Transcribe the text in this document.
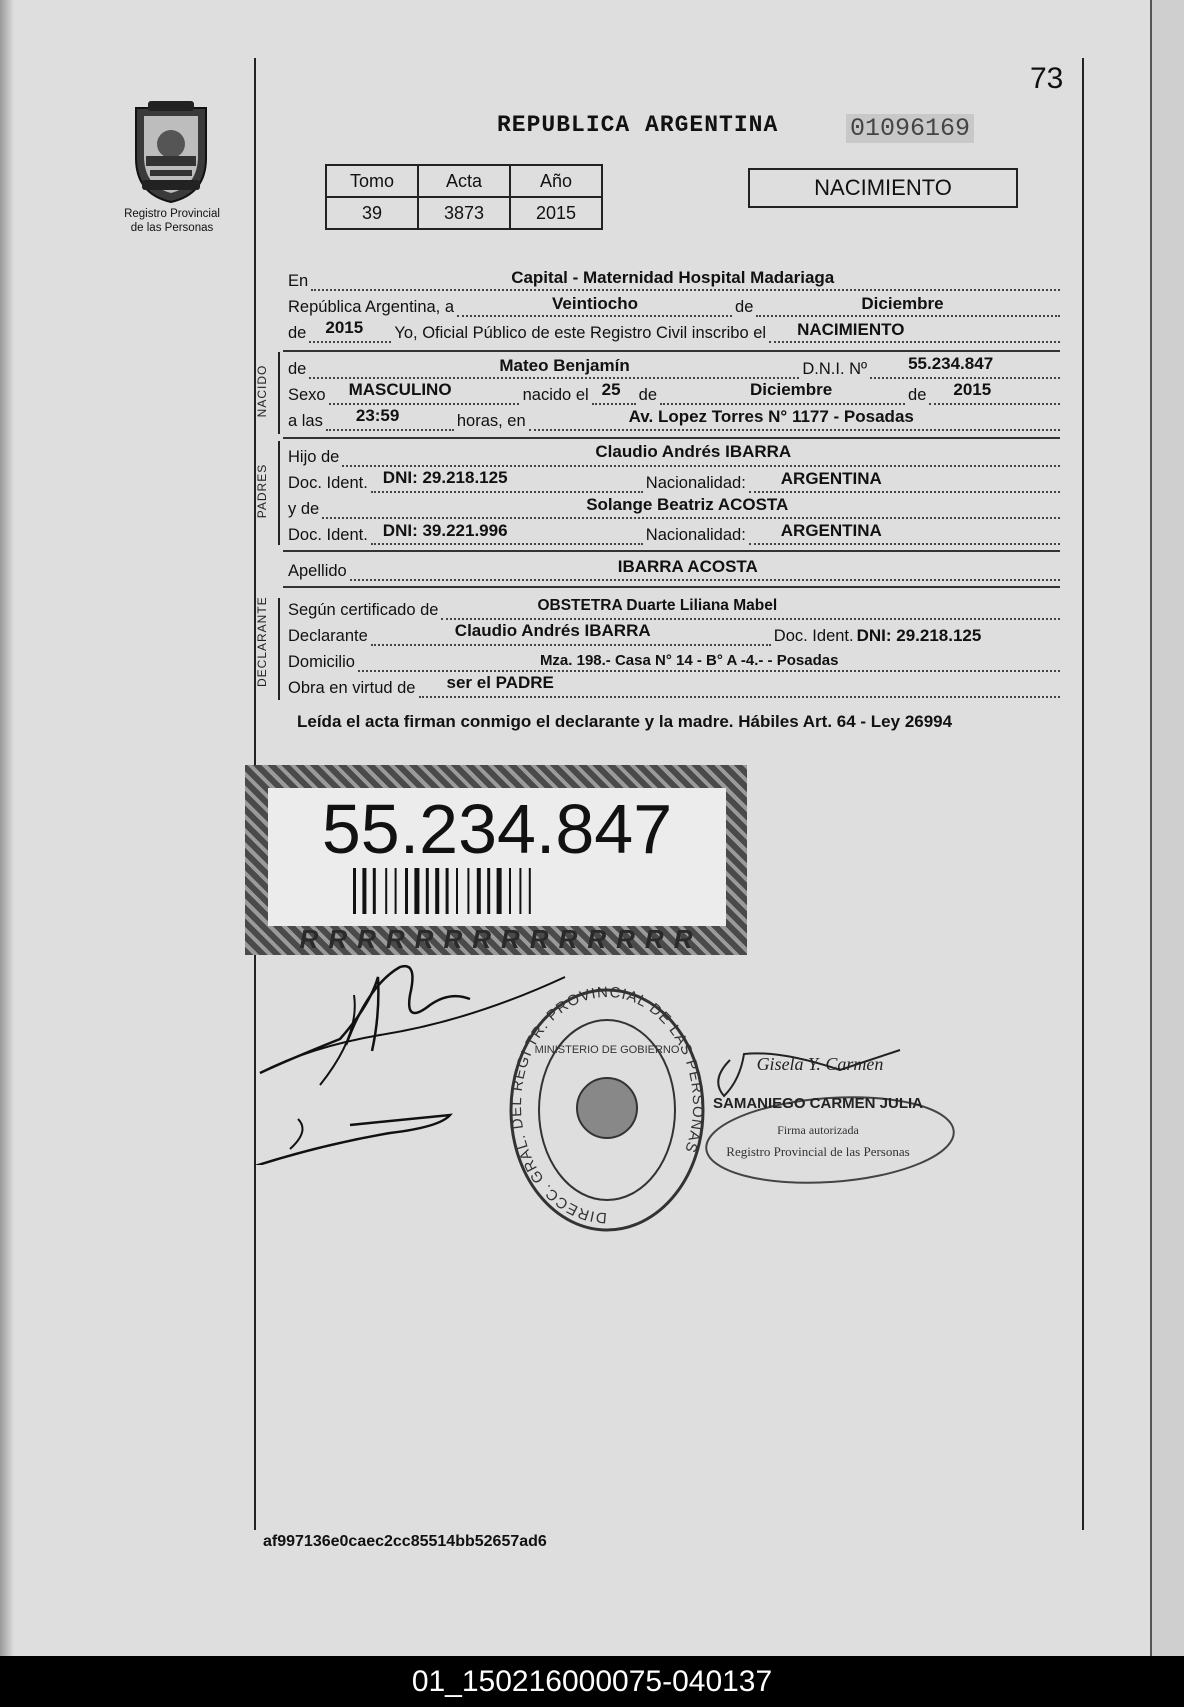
73
Registro Provincial
de las Personas
REPUBLICA ARGENTINA	01096169
Tomo	Acta	Año
39	3873	2015
NACIMIENTO
En	Capital - Maternidad Hospital Madariaga
República Argentina, a	Veintiocho	de	Diciembre
de 2015 Yo, Oficial Público de este Registro Civil inscribo el NACIMIENTO
NACIDO de	Mateo Benjamín	D.N.I. Nº 55.234.847
Sexo MASCULINO	nacido el 25 de	Diciembre	de 2015
a las 23:59	horas, en	Av. Lopez Torres N° 1177 - Posadas
PADRES
Hijo de	Claudio Andrés IBARRA
Doc. Ident. DNI: 29.218.125	Nacionalidad: ARGENTINA
y de	Solange Beatriz ACOSTA
Doc. Ident. DNI: 39.221.996	Nacionalidad: ARGENTINA
Apellido	IBARRA ACOSTA
DECLARANTE Según certificado de	OBSTETRA Duarte Liliana Mabel
Declarante	Claudio Andrés IBARRA	Doc. Ident. DNI: 29.218.125
Domicilio	Mza. 198.- Casa N° 14 - B° A -4.- - Posadas
Obra en virtud de ser el PADRE
Leída el acta firman conmigo el declarante y la madre. Hábiles Art. 64 - Ley 26994
55.234.847
R R R R R R R R R R R R R R
DIRECC. GRAL. DEL REGI TR. PROVINCIAL DE LAS PERSONAS
MINISTERIO DE GOBIERNO
Gisela Y. Carmen
SAMANIEGO CARMEN JULIA
Firma autorizada
Registro Provincial de las Personas
af997136e0caec2cc85514bb52657ad6
01_150216000075-040137
